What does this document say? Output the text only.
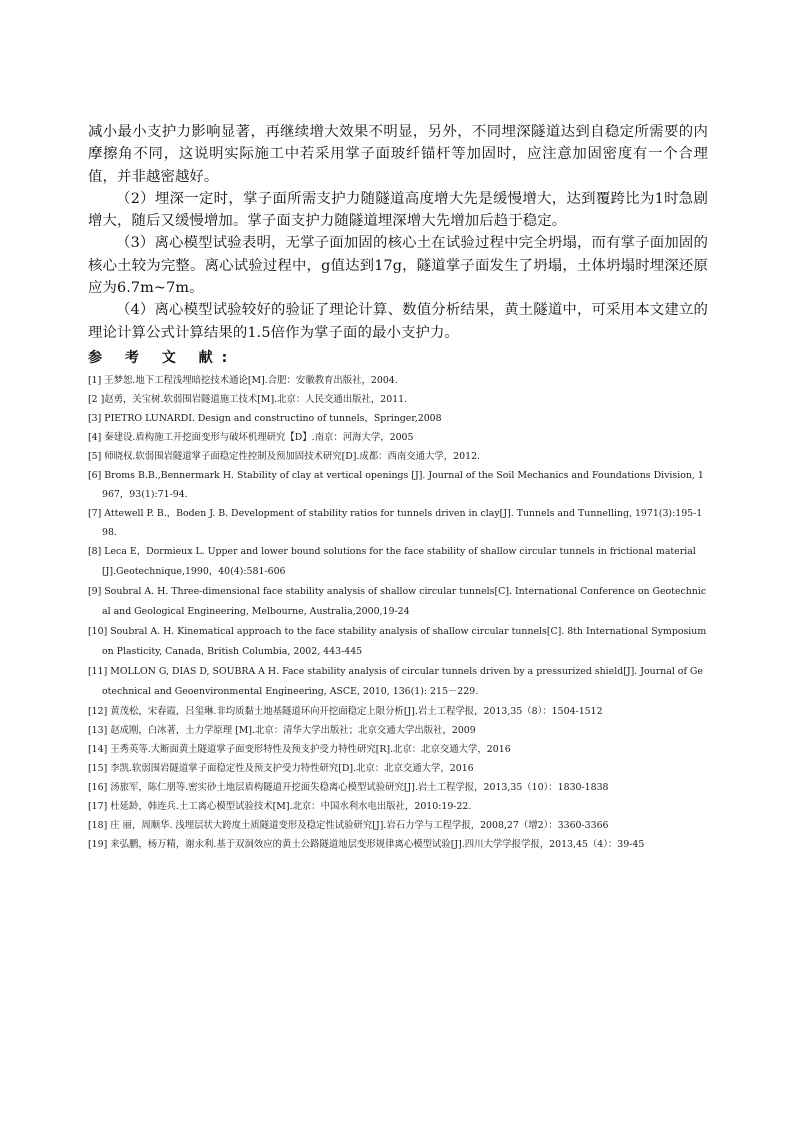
减小最小支护力影响显著，再继续增大效果不明显，另外，不同埋深隧道达到自稳定所需要的内摩擦角不同，这说明实际施工中若采用掌子面玻纤锚杆等加固时，应注意加固密度有一个合理值，并非越密越好。

（2）埋深一定时，掌子面所需支护力随隧道高度增大先是缓慢增大，达到覆跨比为1时急剧增大，随后又缓慢增加。掌子面支护力随隧道埋深增大先增加后趋于稳定。

（3）离心模型试验表明，无掌子面加固的核心土在试验过程中完全坍塌，而有掌子面加固的核心土较为完整。离心试验过程中，g值达到17g，隧道掌子面发生了坍塌，土体坍塌时埋深还原应为6.7m~7m。

（4）离心模型试验较好的验证了理论计算、数值分析结果，黄土隧道中，可采用本文建立的理论计算公式计算结果的1.5倍作为掌子面的最小支护力。

参 考 文 献:
[1] 王梦恕.地下工程浅埋暗挖技术通论[M].合肥：安徽教育出版社，2004.
[2 ]赵勇，关宝树.软弱围岩隧道施工技术[M].北京：人民交通出版社，2011.
[3] PIETRO LUNARDI. Design and constructino of tunnels，Springer,2008
[4] 秦建设.盾构施工开挖面变形与破坏机理研究【D】.南京：河海大学，2005
[5] 师晓权.软弱围岩隧道掌子面稳定性控制及预加固技术研究[D].成都：西南交通大学，2012.
[6] Broms B.B.,Bennermark H. Stability of clay at vertical openings [J]. Journal of the Soil Mechanics and Foundations Division, 1967，93(1):71-94.
[7] Attewell P. B.，Boden J. B. Development of stability ratios for tunnels driven in clay[J]. Tunnels and Tunnelling, 1971(3):195-198.
[8] Leca E，Dormieux L. Upper and lower bound solutions for the face stability of shallow circular tunnels in frictional material [J].Geotechnique,1990，40(4):581-606
[9] Soubral A. H. Three-dimensional face stability analysis of shallow circular tunnels[C]. International Conference on Geotechnical and Geological Engineering, Melbourne, Australia,2000,19-24
[10] Soubral A. H. Kinematical approach to the face stability analysis of shallow circular tunnels[C]. 8th International Symposium on Plasticity, Canada, British Columbia, 2002, 443-445
[11] MOLLON G, DIAS D, SOUBRA A H. Face stability analysis of circular tunnels driven by a pressurized shield[J]. Journal of Geotechnical and Geoenvironmental Engineering, ASCE, 2010, 136(1): 215－229.
[12] 黄茂松，宋春霞，吕玺琳.非均质黏土地基隧道环向开挖面稳定上限分析[J].岩土工程学报，2013,35（8）：1504-1512
[13] 赵成刚，白冰著，土力学原理 [M].北京：清华大学出版社；北京交通大学出版社，2009
[14] 王秀英等.大断面黄土隧道掌子面变形特性及预支护受力特性研究[R].北京：北京交通大学，2016
[15] 李凯.软弱围岩隧道掌子面稳定性及预支护受力特性研究[D].北京：北京交通大学，2016
[16] 汤旅军，陈仁朋等.密实砂土地层盾构隧道开挖面失稳离心模型试验研究[J].岩土工程学报，2013,35（10）：1830-1838
[17] 杜延龄，韩连兵.土工离心模型试验技术[M].北京：中国水利水电出版社，2010:19-22.
[18] 庄 丽，周顺华. 浅埋层状大跨度土质隧道变形及稳定性试验研究[J].岩石力学与工程学报，2008,27（增2）：3360-3366
[19] 来弘鹏，杨万精，谢永利.基于双洞效应的黄土公路隧道地层变形规律离心模型试验[J].四川大学学报学报，2013,45（4）：39-45
